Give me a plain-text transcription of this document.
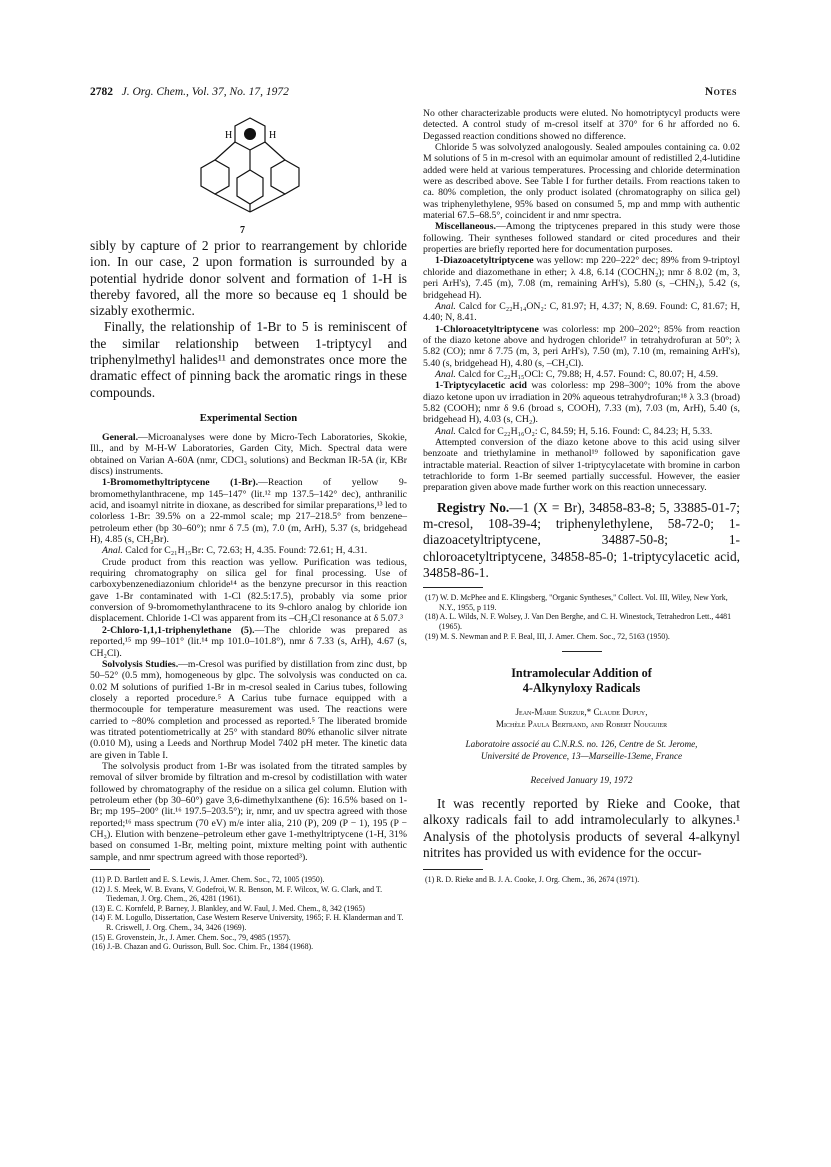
2782 J. Org. Chem., Vol. 37, No. 17, 1972	Notes
H	H
7

sibly by capture of 2 prior to rearrangement by chloride ion. In our case, 2 upon formation is surrounded by a potential hydride donor solvent and formation of 1-H is thereby favored, all the more so because eq 1 should be sizably exothermic.

Finally, the relationship of 1-Br to 5 is reminiscent of the similar relationship between 1-triptycyl and triphenylmethyl halides¹¹ and demonstrates once more the dramatic effect of pinning back the aromatic rings in these compounds.

Experimental Section

General.—Microanalyses were done by Micro-Tech Laboratories, Skokie, Ill., and by M-H-W Laboratories, Garden City, Mich. Spectral data were obtained on Varian A-60A (nmr, CDCl₃ solutions) and Beckman IR-5A (ir, KBr discs) instruments.

1-Bromomethyltriptycene (1-Br).—Reaction of yellow 9-bromomethylanthracene, mp 145–147° (lit.¹² mp 137.5–142° dec), anthranilic acid, and isoamyl nitrite in dioxane, as described for similar preparations,¹³ led to colorless 1-Br: 39.5% on a 22-mmol scale; mp 217–218.5° from benzene–petroleum ether (bp 30–60°); nmr δ 7.5 (m), 7.0 (m, ArH), 5.37 (s, bridgehead H), 4.85 (s, CH₂Br).

Anal. Calcd for C₂₁H₁₅Br: C, 72.63; H, 4.35. Found: 72.61; H, 4.31.

Crude product from this reaction was yellow. Purification was tedious, requiring chromatography on silica gel for final processing. Use of carboxybenzenediazonium chloride¹⁴ as the benzyne precursor in this reaction gave 1-Br contaminated with 1-Cl (82.5:17.5), probably via some prior conversion of 9-bromomethylanthracene to its 9-chloro analog by chloride ion displacement. Chloride 1-Cl was apparent from its –CH₂Cl resonance at δ 5.07.³

2-Chloro-1,1,1-triphenylethane (5).—The chloride was prepared as reported,¹⁵ mp 99–101° (lit.¹⁴ mp 101.0–101.8°), nmr δ 7.33 (s, ArH), 4.67 (s, CH₂Cl).

Solvolysis Studies.—m-Cresol was purified by distillation from zinc dust, bp 50–52° (0.5 mm), homogeneous by glpc. The solvolysis was conducted on ca. 0.02 M solutions of purified 1-Br in m-cresol sealed in Carius tubes, following closely a reported procedure.⁵ A Carius tube furnace equipped with a thermocouple for temperature measurement was used. The reactions were carried to ~80% completion and processed as reported.⁵ The liberated bromide was titrated potentiometrically at 25° with standard 80% ethanolic silver nitrate (0.010 M), using a Leeds and Northrup Model 7402 pH meter. The kinetic data are given in Table I.

The solvolysis product from 1-Br was isolated from the titrated samples by removal of silver bromide by filtration and m-cresol by codistillation with water followed by chromatography of the residue on a silica gel column. Elution with petroleum ether (bp 30–60°) gave 3,6-dimethylxanthene (6): 16.5% based on 1-Br; mp 195–200° (lit.¹⁶ 197.5–203.5°); ir, nmr, and uv spectra agreed with those reported;¹⁶ mass spectrum (70 eV) m/e inter alia, 210 (P), 209 (P − 1), 195 (P − CH₃). Elution with benzene–petroleum ether gave 1-methyltriptycene (1-H, 31% based on consumed 1-Br, melting point, mixture melting point with authentic sample, and nmr spectrum agreed with those reported³).

(11) P. D. Bartlett and E. S. Lewis, J. Amer. Chem. Soc., 72, 1005 (1950).

(12) J. S. Meek, W. B. Evans, V. Godefroi, W. R. Benson, M. F. Wilcox, W. G. Clark, and T. Tiedeman, J. Org. Chem., 26, 4281 (1961).

(13) E. C. Kornfeld, P. Barney, J. Blankley, and W. Faul, J. Med. Chem., 8, 342 (1965)

(14) F. M. Logullo, Dissertation, Case Western Reserve University, 1965; F. H. Klanderman and T. R. Criswell, J. Org. Chem., 34, 3426 (1969).

(15) E. Grovenstein, Jr., J. Amer. Chem. Soc., 79, 4985 (1957).

(16) J.-B. Chazan and G. Ourisson, Bull. Soc. Chim. Fr., 1384 (1968).

No other characterizable products were eluted. No homotriptycyl products were detected. A control study of m-cresol itself at 370° for 6 hr afforded no 6. Degassed reaction conditions showed no difference.

Chloride 5 was solvolyzed analogously. Sealed ampoules containing ca. 0.02 M solutions of 5 in m-cresol with an equimolar amount of redistilled 2,4-lutidine added were held at various temperatures. Processing and chloride determination were as described above. See Table I for further details. From reactions taken to ca. 80% completion, the only product isolated (chromatography on silica gel) was triphenylethylene, 95% based on consumed 5, mp and mmp with authentic material 67.5–68.5°, coincident ir and nmr spectra.

Miscellaneous.—Among the triptycenes prepared in this study were those following. Their syntheses followed standard or cited procedures and their properties are briefly reported here for documentation purposes.

1-Diazoacetyltriptycene was yellow: mp 220–222° dec; 89% from 9-triptoyl chloride and diazomethane in ether; λ 4.8, 6.14 (COCHN₂); nmr δ 8.02 (m, 3, peri ArH's), 7.45 (m), 7.08 (m, remaining ArH's), 5.80 (s, –CHN₂), 5.42 (s, bridgehead H).

Anal. Calcd for C₂₂H₁₄ON₂: C, 81.97; H, 4.37; N, 8.69. Found: C, 81.67; H, 4.40; N, 8.41.

1-Chloroacetyltriptycene was colorless: mp 200–202°; 85% from reaction of the diazo ketone above and hydrogen chloride¹⁷ in tetrahydrofuran at 50°; λ 5.82 (CO); nmr δ 7.75 (m, 3, peri ArH's), 7.50 (m), 7.10 (m, remaining ArH's), 5.40 (s, bridgehead H), 4.80 (s, –CH₂Cl).

Anal. Calcd for C₂₂H₁₅OCl: C, 79.88; H, 4.57. Found: C, 80.07; H, 4.59.

1-Triptycylacetic acid was colorless: mp 298–300°; 10% from the above diazo ketone upon uv irradiation in 20% aqueous tetrahydrofuran;¹⁸ λ 3.3 (broad) 5.82 (COOH); nmr δ 9.6 (broad s, COOH), 7.33 (m), 7.03 (m, ArH), 5.40 (s, bridgehead H), 4.03 (s, CH₂).

Anal. Calcd for C₂₂H₁₆O₂: C, 84.59; H, 5.16. Found: C, 84.23; H, 5.33.

Attempted conversion of the diazo ketone above to this acid using silver benzoate and triethylamine in methanol¹⁹ followed by saponification gave intractable material. Reaction of silver 1-triptycylacetate with bromine in carbon tetrachloride to form 1-Br seemed partially successful. However, the easier preparation given above made further work on this reaction unnecessary.

Registry No.—1 (X = Br), 34858-83-8; 5, 33885-01-7; m-cresol, 108-39-4; triphenylethylene, 58-72-0; 1-diazoacetyltriptycene, 34887-50-8; 1-chloroacetyltriptycene, 34858-85-0; 1-triptycylacetic acid, 34858-86-1.

(17) W. D. McPhee and E. Klingsberg, "Organic Syntheses," Collect. Vol. III, Wiley, New York, N.Y., 1955, p 119.

(18) A. L. Wilds, N. F. Wolsey, J. Van Den Berghe, and C. H. Winestock, Tetrahedron Lett., 4481 (1965).

(19) M. S. Newman and P. F. Beal, III, J. Amer. Chem. Soc., 72, 5163 (1950).

Intramolecular Addition of
4-Alkynyloxy Radicals
Jean-Marie Surzur,* Claude Dupuy,
Michèle Paula Bertrand, and Robert Nouguier
Laboratoire associé au C.N.R.S. no. 126, Centre de St. Jerome,
Université de Provence, 13—Marseille-13eme, France
Received January 19, 1972

It was recently reported by Rieke and Cooke, that alkoxy radicals fail to add intramolecularly to alkynes.¹ Analysis of the photolysis products of several 4-alkynyl nitrites has provided us with evidence for the occur-

(1) R. D. Rieke and B. J. A. Cooke, J. Org. Chem., 36, 2674 (1971).
